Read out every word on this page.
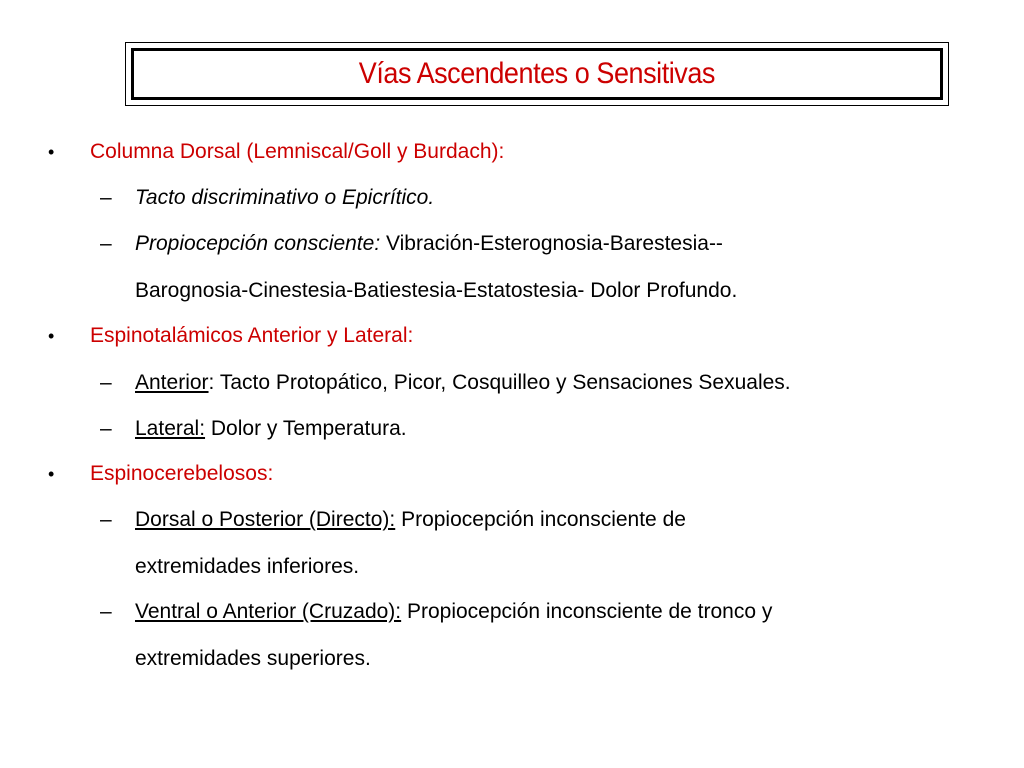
Vías Ascendentes o Sensitivas
• Columna Dorsal (Lemniscal/Goll y Burdach):
– Tacto discriminativo o Epicrítico.
– Propiocepción consciente: Vibración-Esterognosia-Barestesia--
Barognosia-Cinestesia-Batiestesia-Estatostesia- Dolor Profundo.
• Espinotalámicos Anterior y Lateral:
– Anterior: Tacto Protopático, Picor, Cosquilleo y Sensaciones Sexuales.
– Lateral: Dolor y Temperatura.
• Espinocerebelosos:
– Dorsal o Posterior (Directo): Propiocepción inconsciente de
extremidades inferiores.
– Ventral o Anterior (Cruzado): Propiocepción inconsciente de tronco y
extremidades superiores.
